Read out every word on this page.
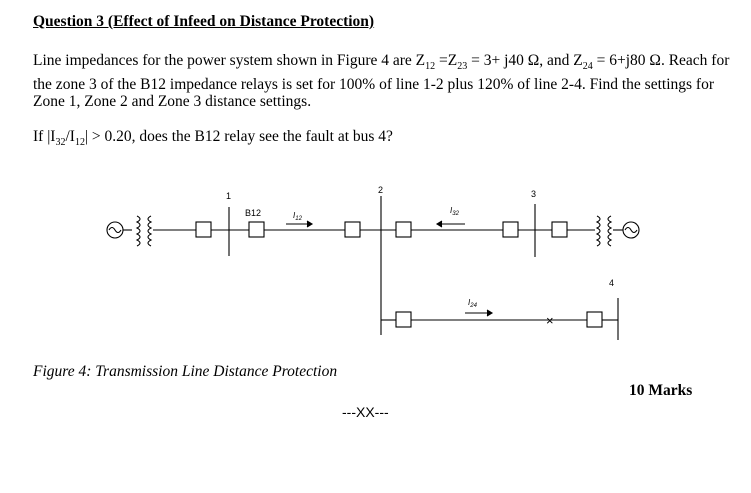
Question 3 (Effect of Infeed on Distance Protection)
Line impedances for the power system shown in Figure 4 are $Z_{12} =Z_{23} = 3+ j40$ Ω, and $Z_{24} = 6+j80$ Ω. Reach for the zone 3 of the B12 impedance relays is set for 100% of line 1-2 plus 120% of line 2-4. Find the settings for Zone 1, Zone 2 and Zone 3 distance settings.
If $|I_{32}/I_{12}| > 0.20$, does the B12 relay see the fault at bus 4?
1
2	3
4
B12	$I_{12}$
$I_{32}$
$I_{24}$
×
Figure 4: Transmission Line Distance Protection
10 Marks
---XX---
